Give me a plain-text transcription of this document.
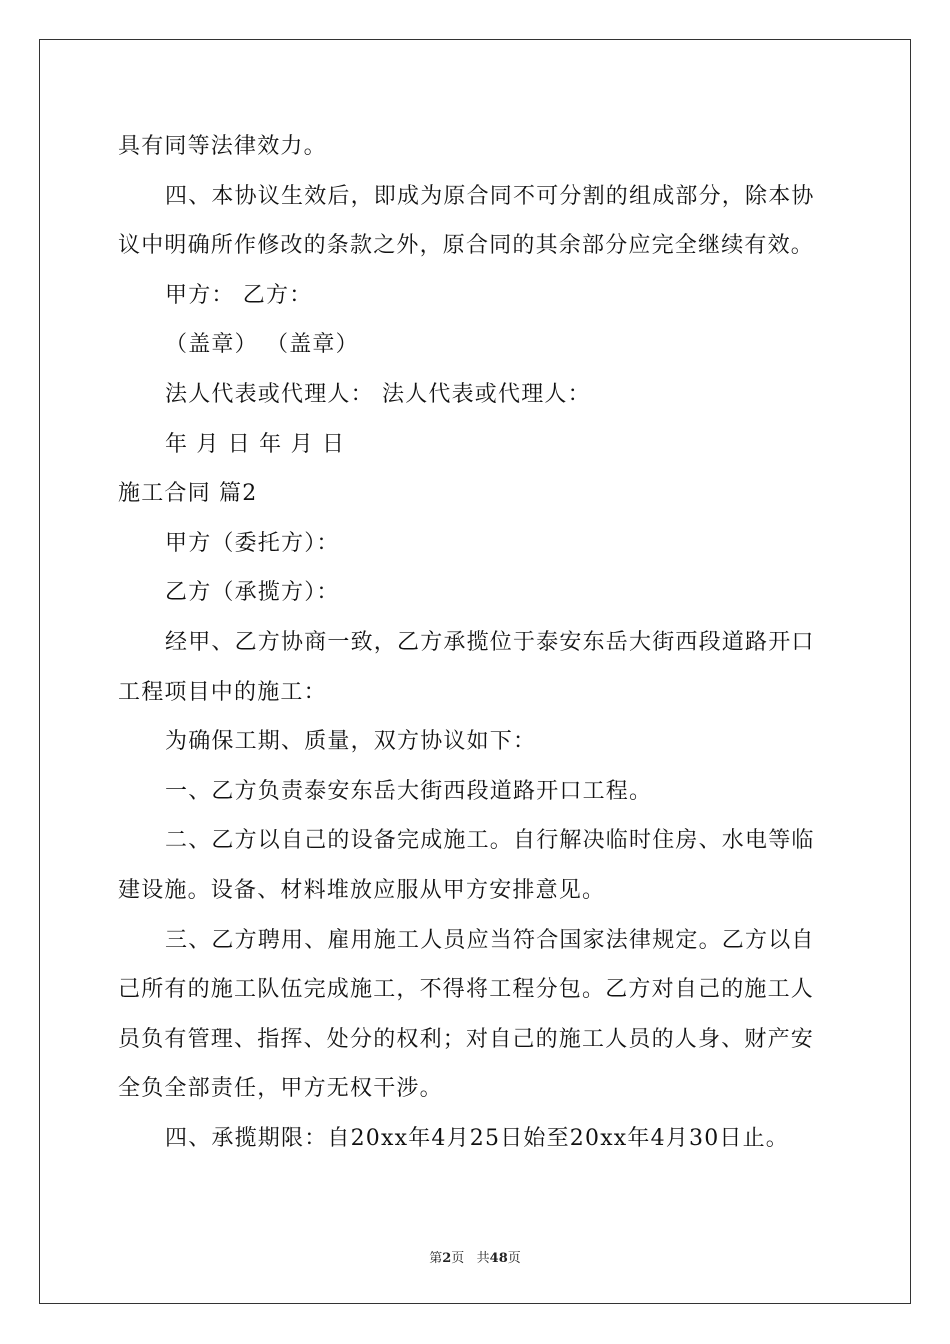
具有同等法律效力。
四、本协议生效后，即成为原合同不可分割的组成部分，除本协
议中明确所作修改的条款之外，原合同的其余部分应完全继续有效。
甲方： 乙方：
（盖章） （盖章）
法人代表或代理人： 法人代表或代理人：
年 月 日 年 月 日
施工合同 篇2
甲方（委托方）：
乙方（承揽方）：
经甲、乙方协商一致，乙方承揽位于泰安东岳大街西段道路开口
工程项目中的施工：
为确保工期、质量，双方协议如下：
一、乙方负责泰安东岳大街西段道路开口工程。
二、乙方以自己的设备完成施工。自行解决临时住房、水电等临
建设施。设备、材料堆放应服从甲方安排意见。
三、乙方聘用、雇用施工人员应当符合国家法律规定。乙方以自
己所有的施工队伍完成施工，不得将工程分包。乙方对自己的施工人
员负有管理、指挥、处分的权利；对自己的施工人员的人身、财产安
全负全部责任，甲方无权干涉。
四、承揽期限：自20xx年4月25日始至20xx年4月30日止。
第2页   共48页
